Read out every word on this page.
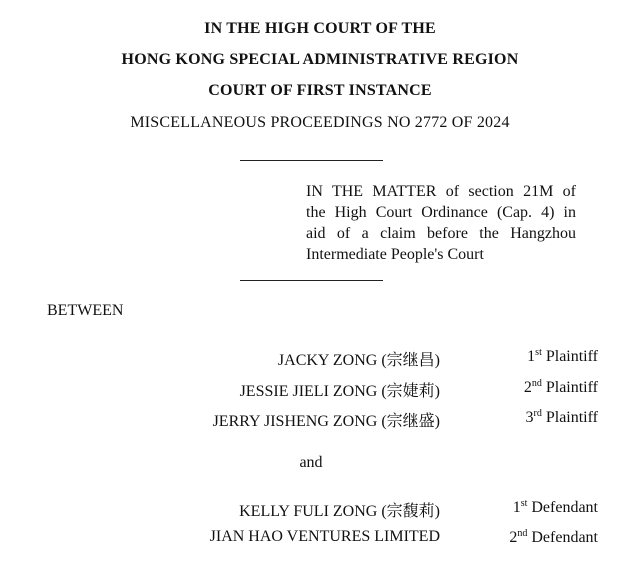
IN THE HIGH COURT OF THE
HONG KONG SPECIAL ADMINISTRATIVE REGION
COURT OF FIRST INSTANCE
MISCELLANEOUS PROCEEDINGS NO 2772 OF 2024
IN THE MATTER of section 21M of
the High Court Ordinance (Cap. 4) in
aid of a claim before the Hangzhou
Intermediate People's Court
BETWEEN
JACKY ZONG (宗继昌)	1st Plaintiff
JESSIE JIELI ZONG (宗婕莉)	2nd Plaintiff
JERRY JISHENG ZONG (宗继盛)	3rd Plaintiff
and
KELLY FULI ZONG (宗馥莉)	1st Defendant
JIAN HAO VENTURES LIMITED	2nd Defendant
